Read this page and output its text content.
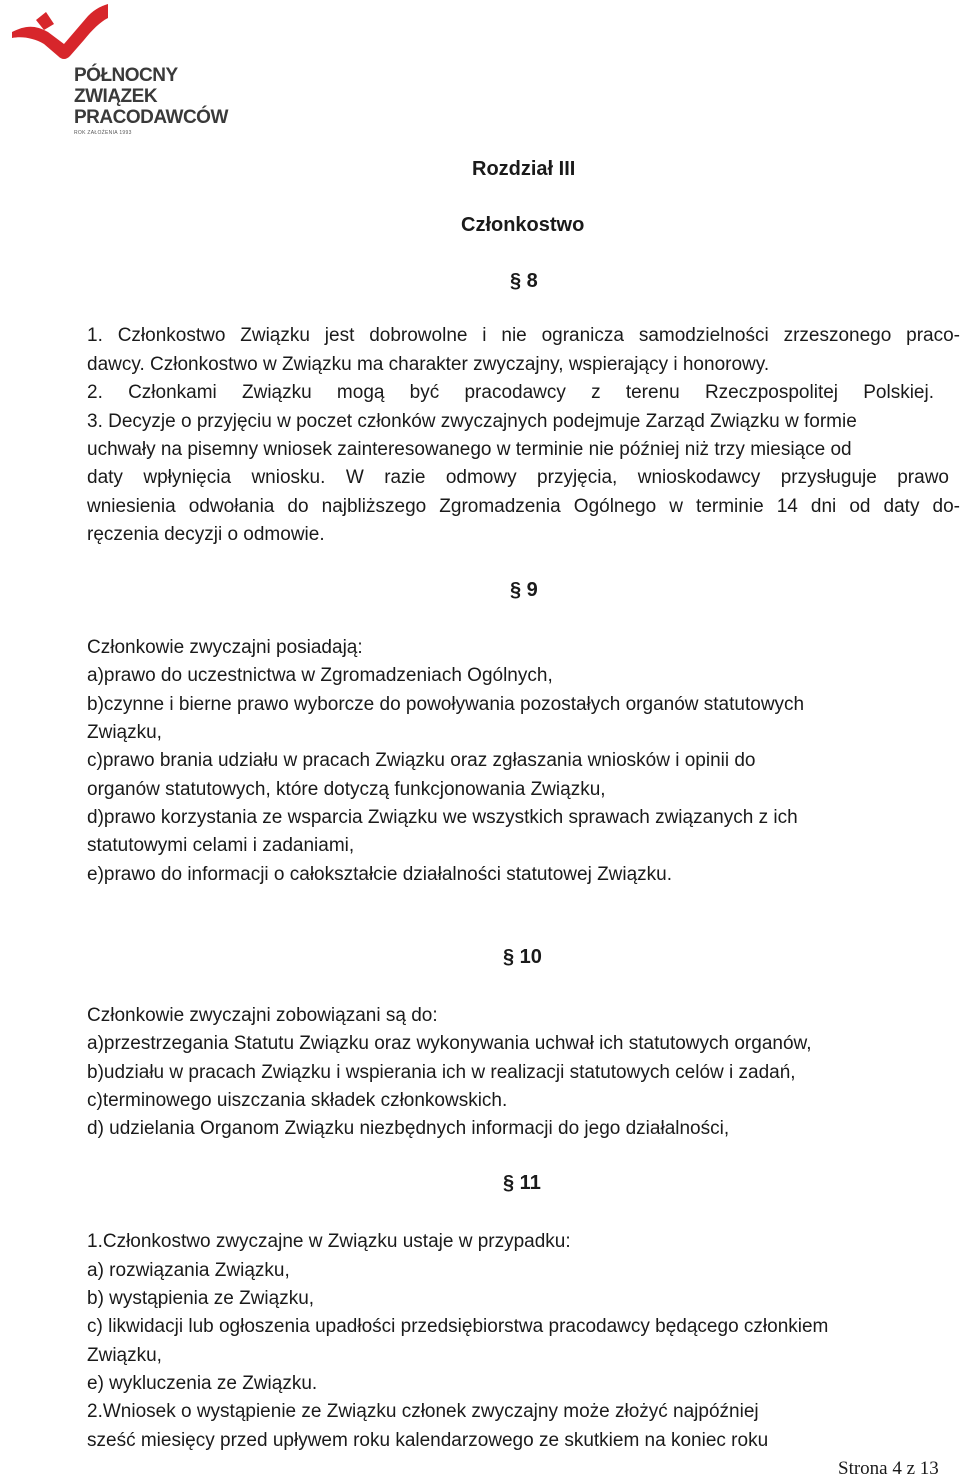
PÓŁNOCNY
ZWIĄZEK
PRACODAWCÓW
ROK ZAŁOŻENIA 1993
Rozdział III
Członkostwo
§ 8
1. Członkostwo Związku jest dobrowolne i nie ogranicza samodzielności zrzeszonego praco-
dawcy. Członkostwo w Związku ma charakter zwyczajny, wspierający i honorowy.
2. Członkami Związku mogą być pracodawcy z terenu Rzeczpospolitej Polskiej.
3. Decyzje o przyjęciu w poczet członków zwyczajnych podejmuje Zarząd Związku w formie
uchwały na pisemny wniosek zainteresowanego w terminie nie później niż trzy miesiące od
daty wpłynięcia wniosku. W razie odmowy przyjęcia, wnioskodawcy przysługuje prawo
wniesienia odwołania do najbliższego Zgromadzenia Ogólnego w terminie 14 dni od daty do-
ręczenia decyzji o odmowie.
§ 9
Członkowie zwyczajni posiadają:
a)prawo do uczestnictwa w Zgromadzeniach Ogólnych,
b)czynne i bierne prawo wyborcze do powoływania pozostałych organów statutowych
Związku,
c)prawo brania udziału w pracach Związku oraz zgłaszania wniosków i opinii do
organów statutowych, które dotyczą funkcjonowania Związku,
d)prawo korzystania ze wsparcia Związku we wszystkich sprawach związanych z ich
statutowymi celami i zadaniami,
e)prawo do informacji o całokształcie działalności statutowej Związku.
§ 10
Członkowie zwyczajni zobowiązani są do:
a)przestrzegania Statutu Związku oraz wykonywania uchwał ich statutowych organów,
b)udziału w pracach Związku i wspierania ich w realizacji statutowych celów i zadań,
c)terminowego uiszczania składek członkowskich.
d) udzielania Organom Związku niezbędnych informacji do jego działalności,
§ 11
1.Członkostwo zwyczajne w Związku ustaje w przypadku:
a) rozwiązania Związku,
b) wystąpienia ze Związku,
c) likwidacji lub ogłoszenia upadłości przedsiębiorstwa pracodawcy będącego członkiem
Związku,
e) wykluczenia ze Związku.
2.Wniosek o wystąpienie ze Związku członek zwyczajny może złożyć najpóźniej
sześć miesięcy przed upływem roku kalendarzowego ze skutkiem na koniec roku
Strona 4 z 13
